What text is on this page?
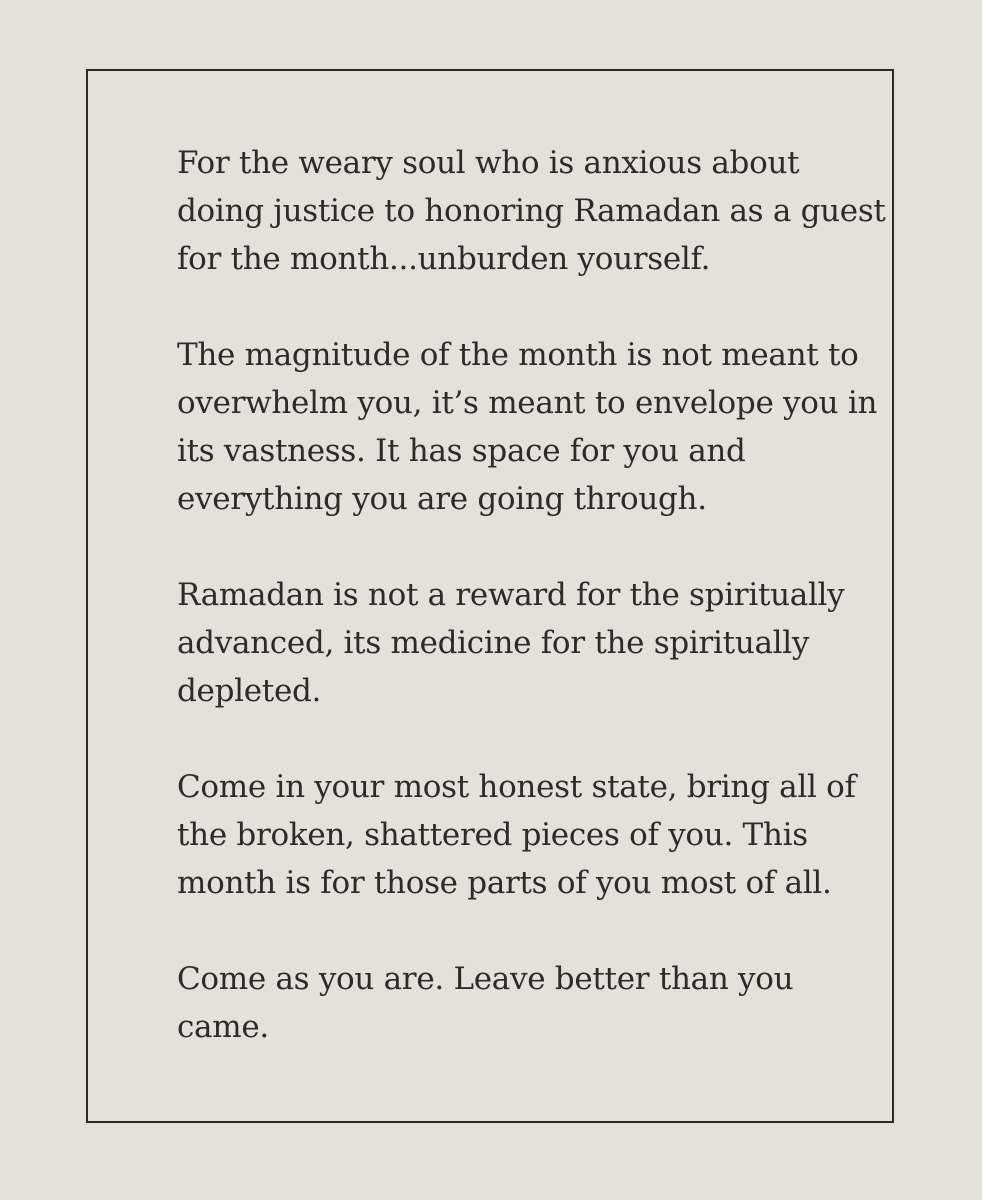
For the weary soul who is anxious about
doing justice to honoring Ramadan as a guest
for the month...unburden yourself.

The magnitude of the month is not meant to
overwhelm you, it’s meant to envelope you in
its vastness. It has space for you and
everything you are going through.

Ramadan is not a reward for the spiritually
advanced, its medicine for the spiritually
depleted.

Come in your most honest state, bring all of
the broken, shattered pieces of you. This
month is for those parts of you most of all.

Come as you are. Leave better than you
came.
